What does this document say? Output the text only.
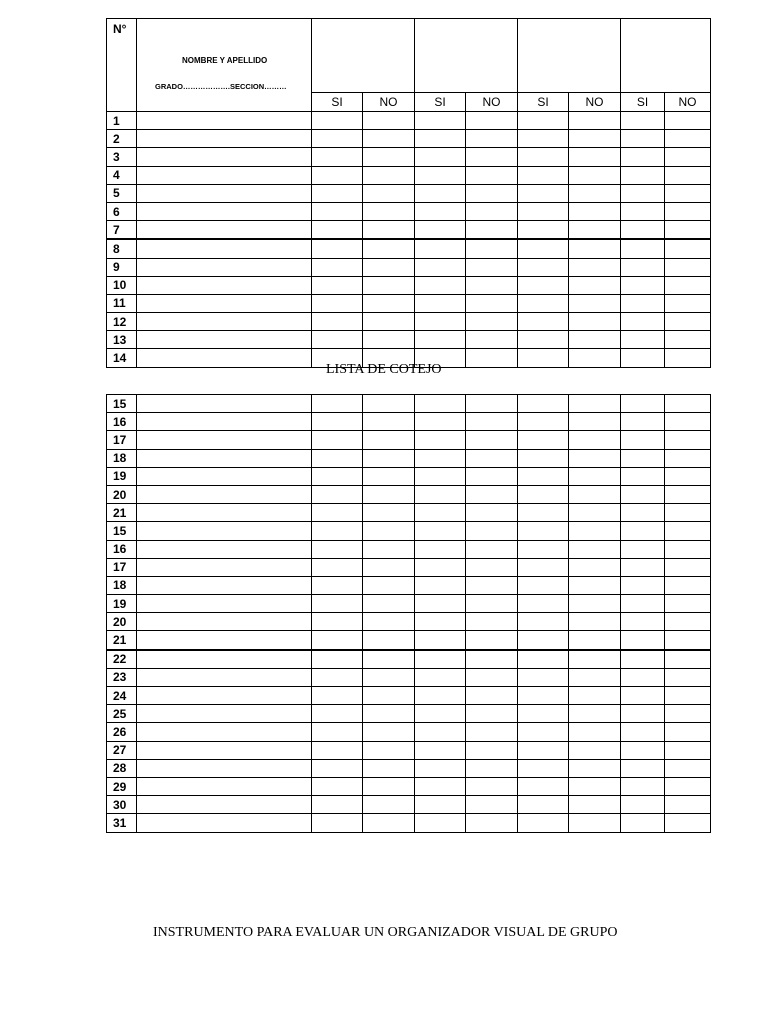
N°	NOMBRE Y APELLIDO
GRADO……………….SECCION………								

		SI	NO	SI	NO	SI	NO	SI	NO
1									
2									
3									
4									
5									
6									
7									
8									
9									
10									
11									
12									
13									
14									
LISTA DE COTEJO
15									
16									
17									
18									
19									
20									
21									
15									
16									
17									
18									
19									
20									
21									
22									
23									
24									
25									
26									
27									
28									
29									
30									
31									
INSTRUMENTO PARA EVALUAR UN ORGANIZADOR VISUAL DE GRUPO
